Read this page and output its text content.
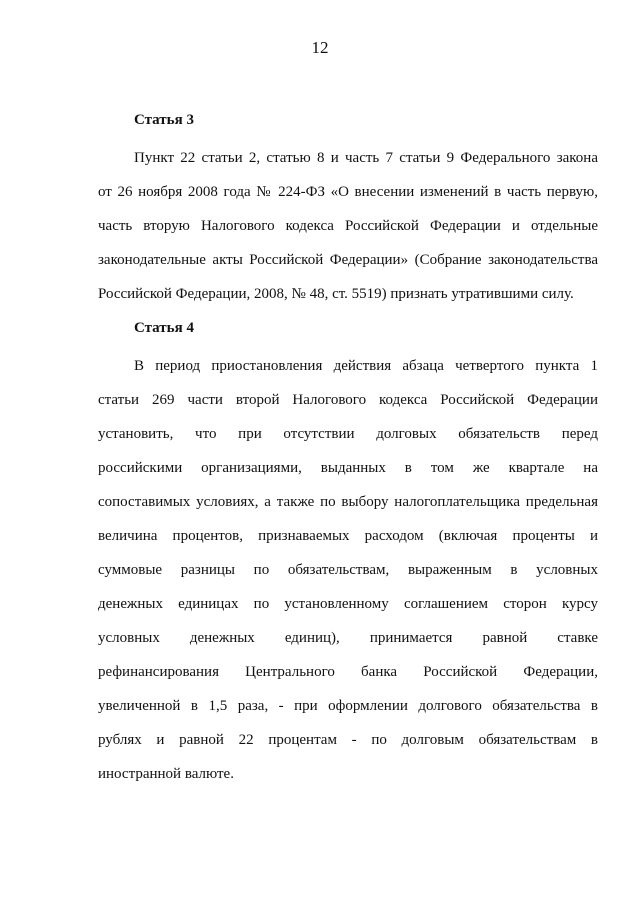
12
Статья 3
Пункт 22 статьи 2, статью 8 и часть 7 статьи 9 Федерального закона
от 26 ноября 2008 года № 224-ФЗ «О внесении изменений в часть первую,
часть вторую Налогового кодекса Российской Федерации и отдельные
законодательные акты Российской Федерации» (Собрание законодательства
Российской Федерации, 2008, № 48, ст. 5519) признать утратившими силу.
Статья 4
В период приостановления действия абзаца четвертого пункта 1
статьи 269 части второй Налогового кодекса Российской Федерации
установить, что при отсутствии долговых обязательств перед
российскими организациями, выданных в том же квартале на
сопоставимых условиях, а также по выбору налогоплательщика предельная
величина процентов, признаваемых расходом (включая проценты и
суммовые разницы по обязательствам, выраженным в условных
денежных единицах по установленному соглашением сторон курсу
условных денежных единиц), принимается равной ставке
рефинансирования Центрального банка Российской Федерации,
увеличенной в 1,5 раза, - при оформлении долгового обязательства в
рублях и равной 22 процентам - по долговым обязательствам в
иностранной валюте.
